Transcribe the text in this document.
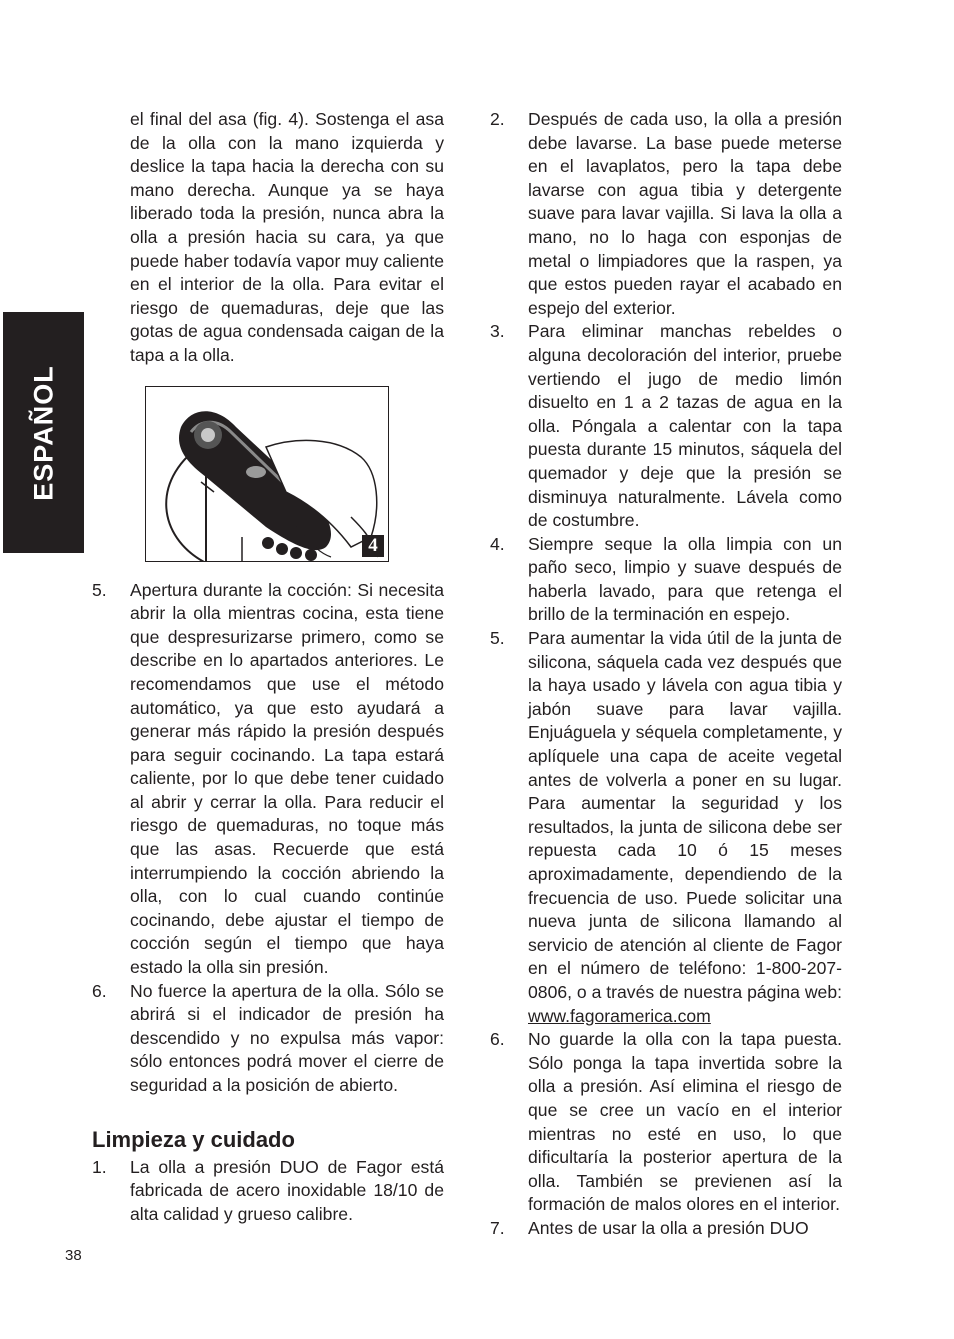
ESPAÑOL

el final del asa (fig. 4). Sostenga el asa de la olla con la mano izquierda y deslice la tapa hacia la derecha con su mano derecha. Aunque ya se haya liberado toda la presión, nunca abra la olla a presión hacia su cara, ya que puede haber todavía vapor muy caliente en el interior de la olla. Para evitar el riesgo de quemaduras, deje que las gotas de agua condensada caigan de la tapa a la olla.

4
5. Apertura durante la cocción: Si necesita abrir la olla mientras cocina, esta tiene que despresurizarse primero, como se describe en lo apartados anteriores. Le recomendamos que use el método automático, ya que esto ayudará a generar más rápido la presión después para seguir cocinando. La tapa estará caliente, por lo que debe tener cuidado al abrir y cerrar la olla. Para reducir el riesgo de quemaduras, no toque más que las asas. Recuerde que está interrumpiendo la cocción abriendo la olla, con lo cual cuando continúe cocinando, debe ajustar el tiempo de cocción según el tiempo que haya estado la olla sin presión.
6. No fuerce la apertura de la olla. Sólo se abrirá si el indicador de presión ha descendido y no expulsa más vapor: sólo entonces podrá mover el cierre de seguridad a la posición de abierto.
Limpieza y cuidado
1. La olla a presión DUO de Fagor está fabricada de acero inoxidable 18/10 de alta calidad y grueso calibre.
2. Después de cada uso, la olla a presión debe lavarse. La base puede meterse en el lavaplatos, pero la tapa debe lavarse con agua tibia y detergente suave para lavar vajilla. Si lava la olla a mano, no lo haga con esponjas de metal o limpiadores que la raspen, ya que estos pueden rayar el acabado en espejo del exterior.
3. Para eliminar manchas rebeldes o alguna decoloración del interior, pruebe vertiendo el jugo de medio limón disuelto en 1 a 2 tazas de agua en la olla. Póngala a calentar con la tapa puesta durante 15 minutos, sáquela del quemador y deje que la presión se disminuya naturalmente. Lávela como de costumbre.
4. Siempre seque la olla limpia con un paño seco, limpio y suave después de haberla lavado, para que retenga el brillo de la terminación en espejo.
5. Para aumentar la vida útil de la junta de silicona, sáquela cada vez después que la haya usado y lávela con agua tibia y jabón suave para lavar vajilla. Enjuáguela y séquela completamente, y aplíquele una capa de aceite vegetal antes de volverla a poner en su lugar. Para aumentar la seguridad y los resultados, la junta de silicona debe ser repuesta cada 10 ó 15 meses aproximadamente, dependiendo de la frecuencia de uso. Puede solicitar una nueva junta de silicona llamando al servicio de atención al cliente de Fagor en el número de teléfono: 1-800-207-0806, o a través de nuestra página web: www.fagoramerica.com
6. No guarde la olla con la tapa puesta. Sólo ponga la tapa invertida sobre la olla a presión. Así elimina el riesgo de que se cree un vacío en el interior mientras no esté en uso, lo que dificultaría la posterior apertura de la olla. También se previenen así la formación de malos olores en el interior.
7. Antes de usar la olla a presión DUO
38
